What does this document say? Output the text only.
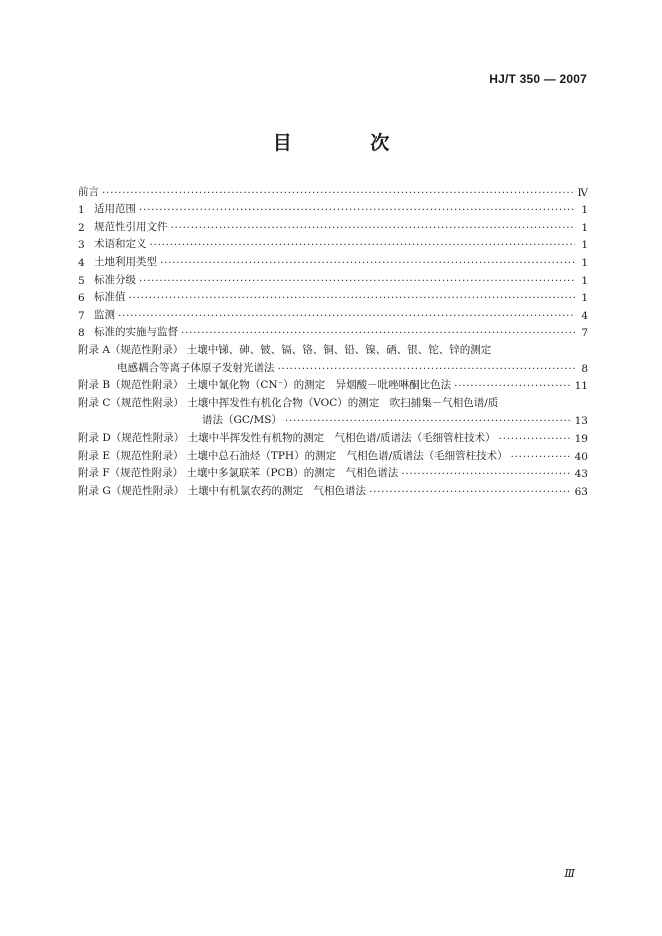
HJ/T 350 — 2007
目 次
前言 ·····	Ⅳ
1 适用范围 ·····	1
2 规范性引用文件 ·····	1
3 术语和定义 ·····	1
4 土地利用类型 ·····	1
5 标准分级 ·····	1
6 标准值 ·····	1
7 监测 ·····	4
8 标准的实施与监督 ·····	7
附录 A（规范性附录） 土壤中锑、砷、铍、镉、铬、铜、铅、镍、硒、银、铊、锌的测定
电感耦合等离子体原子发射光谱法 ·····	8
附录 B（规范性附录） 土壤中氰化物（CN⁻）的测定　异烟酸－吡唑啉酮比色法 ·····	11
附录 C（规范性附录） 土壤中挥发性有机化合物（VOC）的测定　吹扫捕集－气相色谱/质
谱法（GC/MS） ·····	13
附录 D（规范性附录） 土壤中半挥发性有机物的测定　气相色谱/质谱法（毛细管柱技术） ·····	19
附录 E（规范性附录） 土壤中总石油烃（TPH）的测定　气相色谱/质谱法（毛细管柱技术） ·····	40
附录 F（规范性附录） 土壤中多氯联苯（PCB）的测定　气相色谱法 ·····	43
附录 G（规范性附录） 土壤中有机氯农药的测定　气相色谱法 ·····	63
Ⅲ
